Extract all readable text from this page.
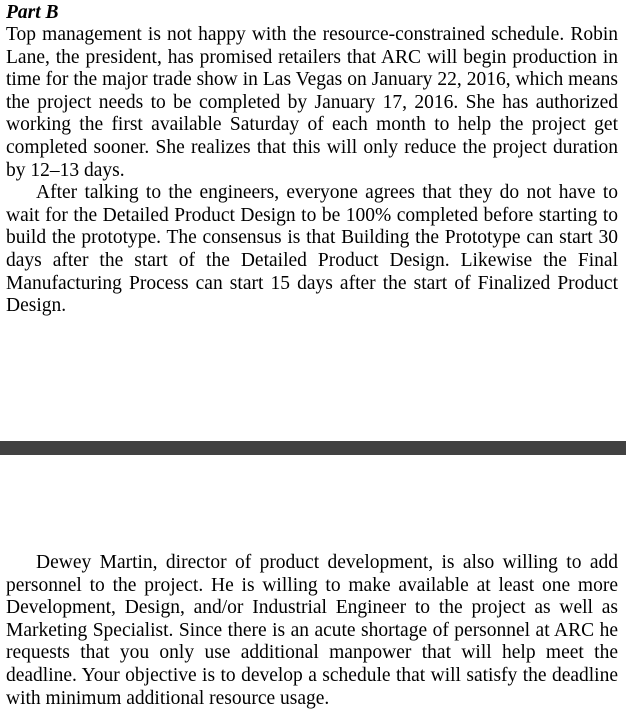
Part B

Top management is not happy with the resource-constrained schedule. Robin Lane, the president, has promised retailers that ARC will begin production in time for the major trade show in Las Vegas on January 22, 2016, which means the project needs to be completed by January 17, 2016. She has authorized working the first available Saturday of each month to help the project get completed sooner. She realizes that this will only reduce the project duration by 12–13 days.

After talking to the engineers, everyone agrees that they do not have to wait for the Detailed Product Design to be 100% completed before starting to build the prototype. The consensus is that Building the Prototype can start 30 days after the start of the Detailed Product Design. Likewise the Final Manufacturing Process can start 15 days after the start of Finalized Product Design.

Dewey Martin, director of product development, is also willing to add personnel to the project. He is willing to make available at least one more Development, Design, and/or Industrial Engineer to the project as well as Marketing Specialist. Since there is an acute shortage of personnel at ARC he requests that you only use additional manpower that will help meet the deadline. Your objective is to develop a schedule that will satisfy the deadline with minimum additional resource usage.
